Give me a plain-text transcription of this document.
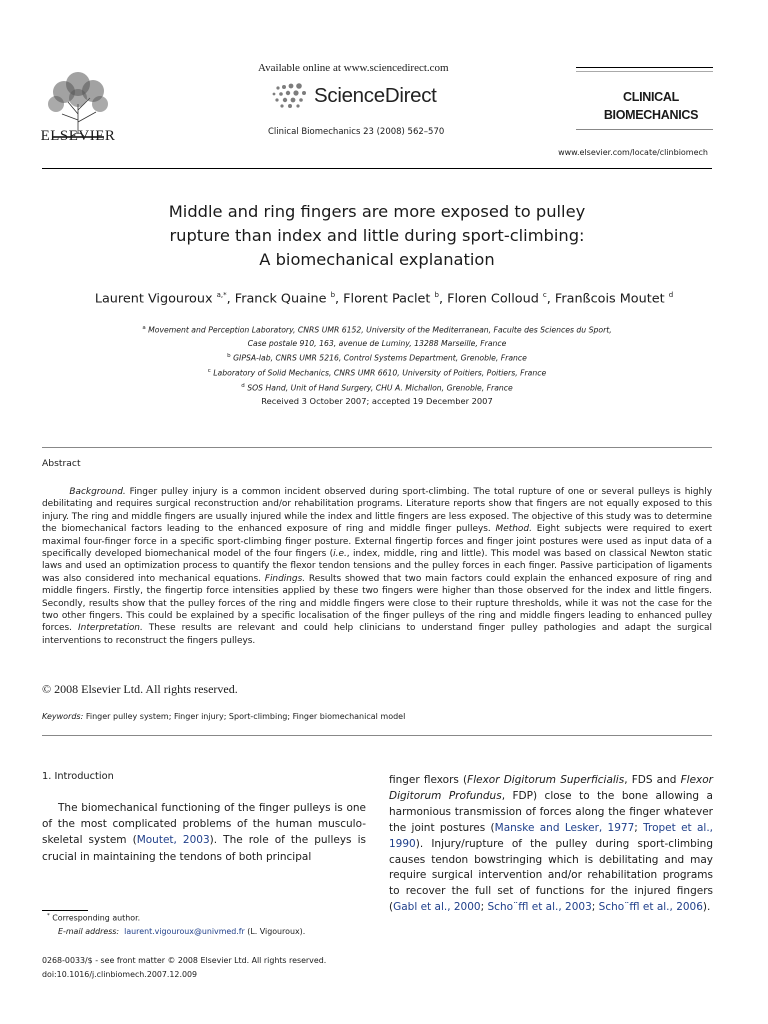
ELSEVIER
Available online at www.sciencedirect.com
ScienceDirect
Clinical Biomechanics 23 (2008) 562–570
CLINICAL
BIOMECHANICS
www.elsevier.com/locate/clinbiomech
Middle and ring fingers are more exposed to pulley
rupture than index and little during sport-climbing:
A biomechanical explanation
Laurent Vigouroux $^{a,*}$, Franck Quaine $^b$, Florent Paclet $^b$, Floren Colloud $^c$, Franßcois Moutet $^d$
$^a$ Movement and Perception Laboratory, CNRS UMR 6152, University of the Mediterranean, Faculte des Sciences du Sport,
Case postale 910, 163, avenue de Luminy, 13288 Marseille, France
$^b$ GIPSA-lab, CNRS UMR 5216, Control Systems Department, Grenoble, France
$^c$ Laboratory of Solid Mechanics, CNRS UMR 6610, University of Poitiers, Poitiers, France
$^d$ SOS Hand, Unit of Hand Surgery, CHU A. Michallon, Grenoble, France
Received 3 October 2007; accepted 19 December 2007
Abstract

Background. Finger pulley injury is a common incident observed during sport-climbing. The total rupture of one or several pulleys is highly debilitating and requires surgical reconstruction and/or rehabilitation programs. Literature reports show that fingers are not equally exposed to this injury. The ring and middle fingers are usually injured while the index and little fingers are less exposed. The objective of this study was to determine the biomechanical factors leading to the enhanced exposure of ring and middle finger pulleys. Method. Eight subjects were required to exert maximal four-finger force in a specific sport-climbing finger posture. External fingertip forces and finger joint postures were used as input data of a specifically developed biomechanical model of the four fingers (i.e., index, middle, ring and little). This model was based on classical Newton static laws and used an optimization process to quantify the flexor tendon tensions and the pulley forces in each finger. Passive participation of ligaments was also considered into mechanical equations. Findings. Results showed that two main factors could explain the enhanced exposure of ring and middle fingers. Firstly, the fingertip force intensities applied by these two fingers were higher than those observed for the index and little fingers. Secondly, results show that the pulley forces of the ring and middle fingers were close to their rupture thresholds, while it was not the case for the two other fingers. This could be explained by a specific localisation of the finger pulleys of the ring and middle fingers leading to enhanced pulley forces. Interpretation. These results are relevant and could help clinicians to understand finger pulley pathologies and adapt the surgical interventions to reconstruct the fingers pulleys.

© 2008 Elsevier Ltd. All rights reserved.
Keywords: Finger pulley system; Finger injury; Sport-climbing; Finger biomechanical model
1. Introduction

The biomechanical functioning of the finger pulleys is one of the most complicated problems of the human musculo-skeletal system (Moutet, 2003). The role of the pulleys is crucial in maintaining the tendons of both principal

finger flexors (Flexor Digitorum Superficialis, FDS and Flexor Digitorum Profundus, FDP) close to the bone allowing a harmonious transmission of forces along the finger whatever the joint postures (Manske and Lesker, 1977; Tropet et al., 1990). Injury/rupture of the pulley during sport-climbing causes tendon bowstringing which is debilitating and may require surgical intervention and/or rehabilitation programs to recover the full set of functions for the injured fingers (Gabl et al., 2000; Scho¨ffl et al., 2003; Scho¨ffl et al., 2006).

* Corresponding author.
E-mail address: laurent.vigouroux@univmed.fr (L. Vigouroux).
0268-0033/$ - see front matter © 2008 Elsevier Ltd. All rights reserved.
doi:10.1016/j.clinbiomech.2007.12.009
